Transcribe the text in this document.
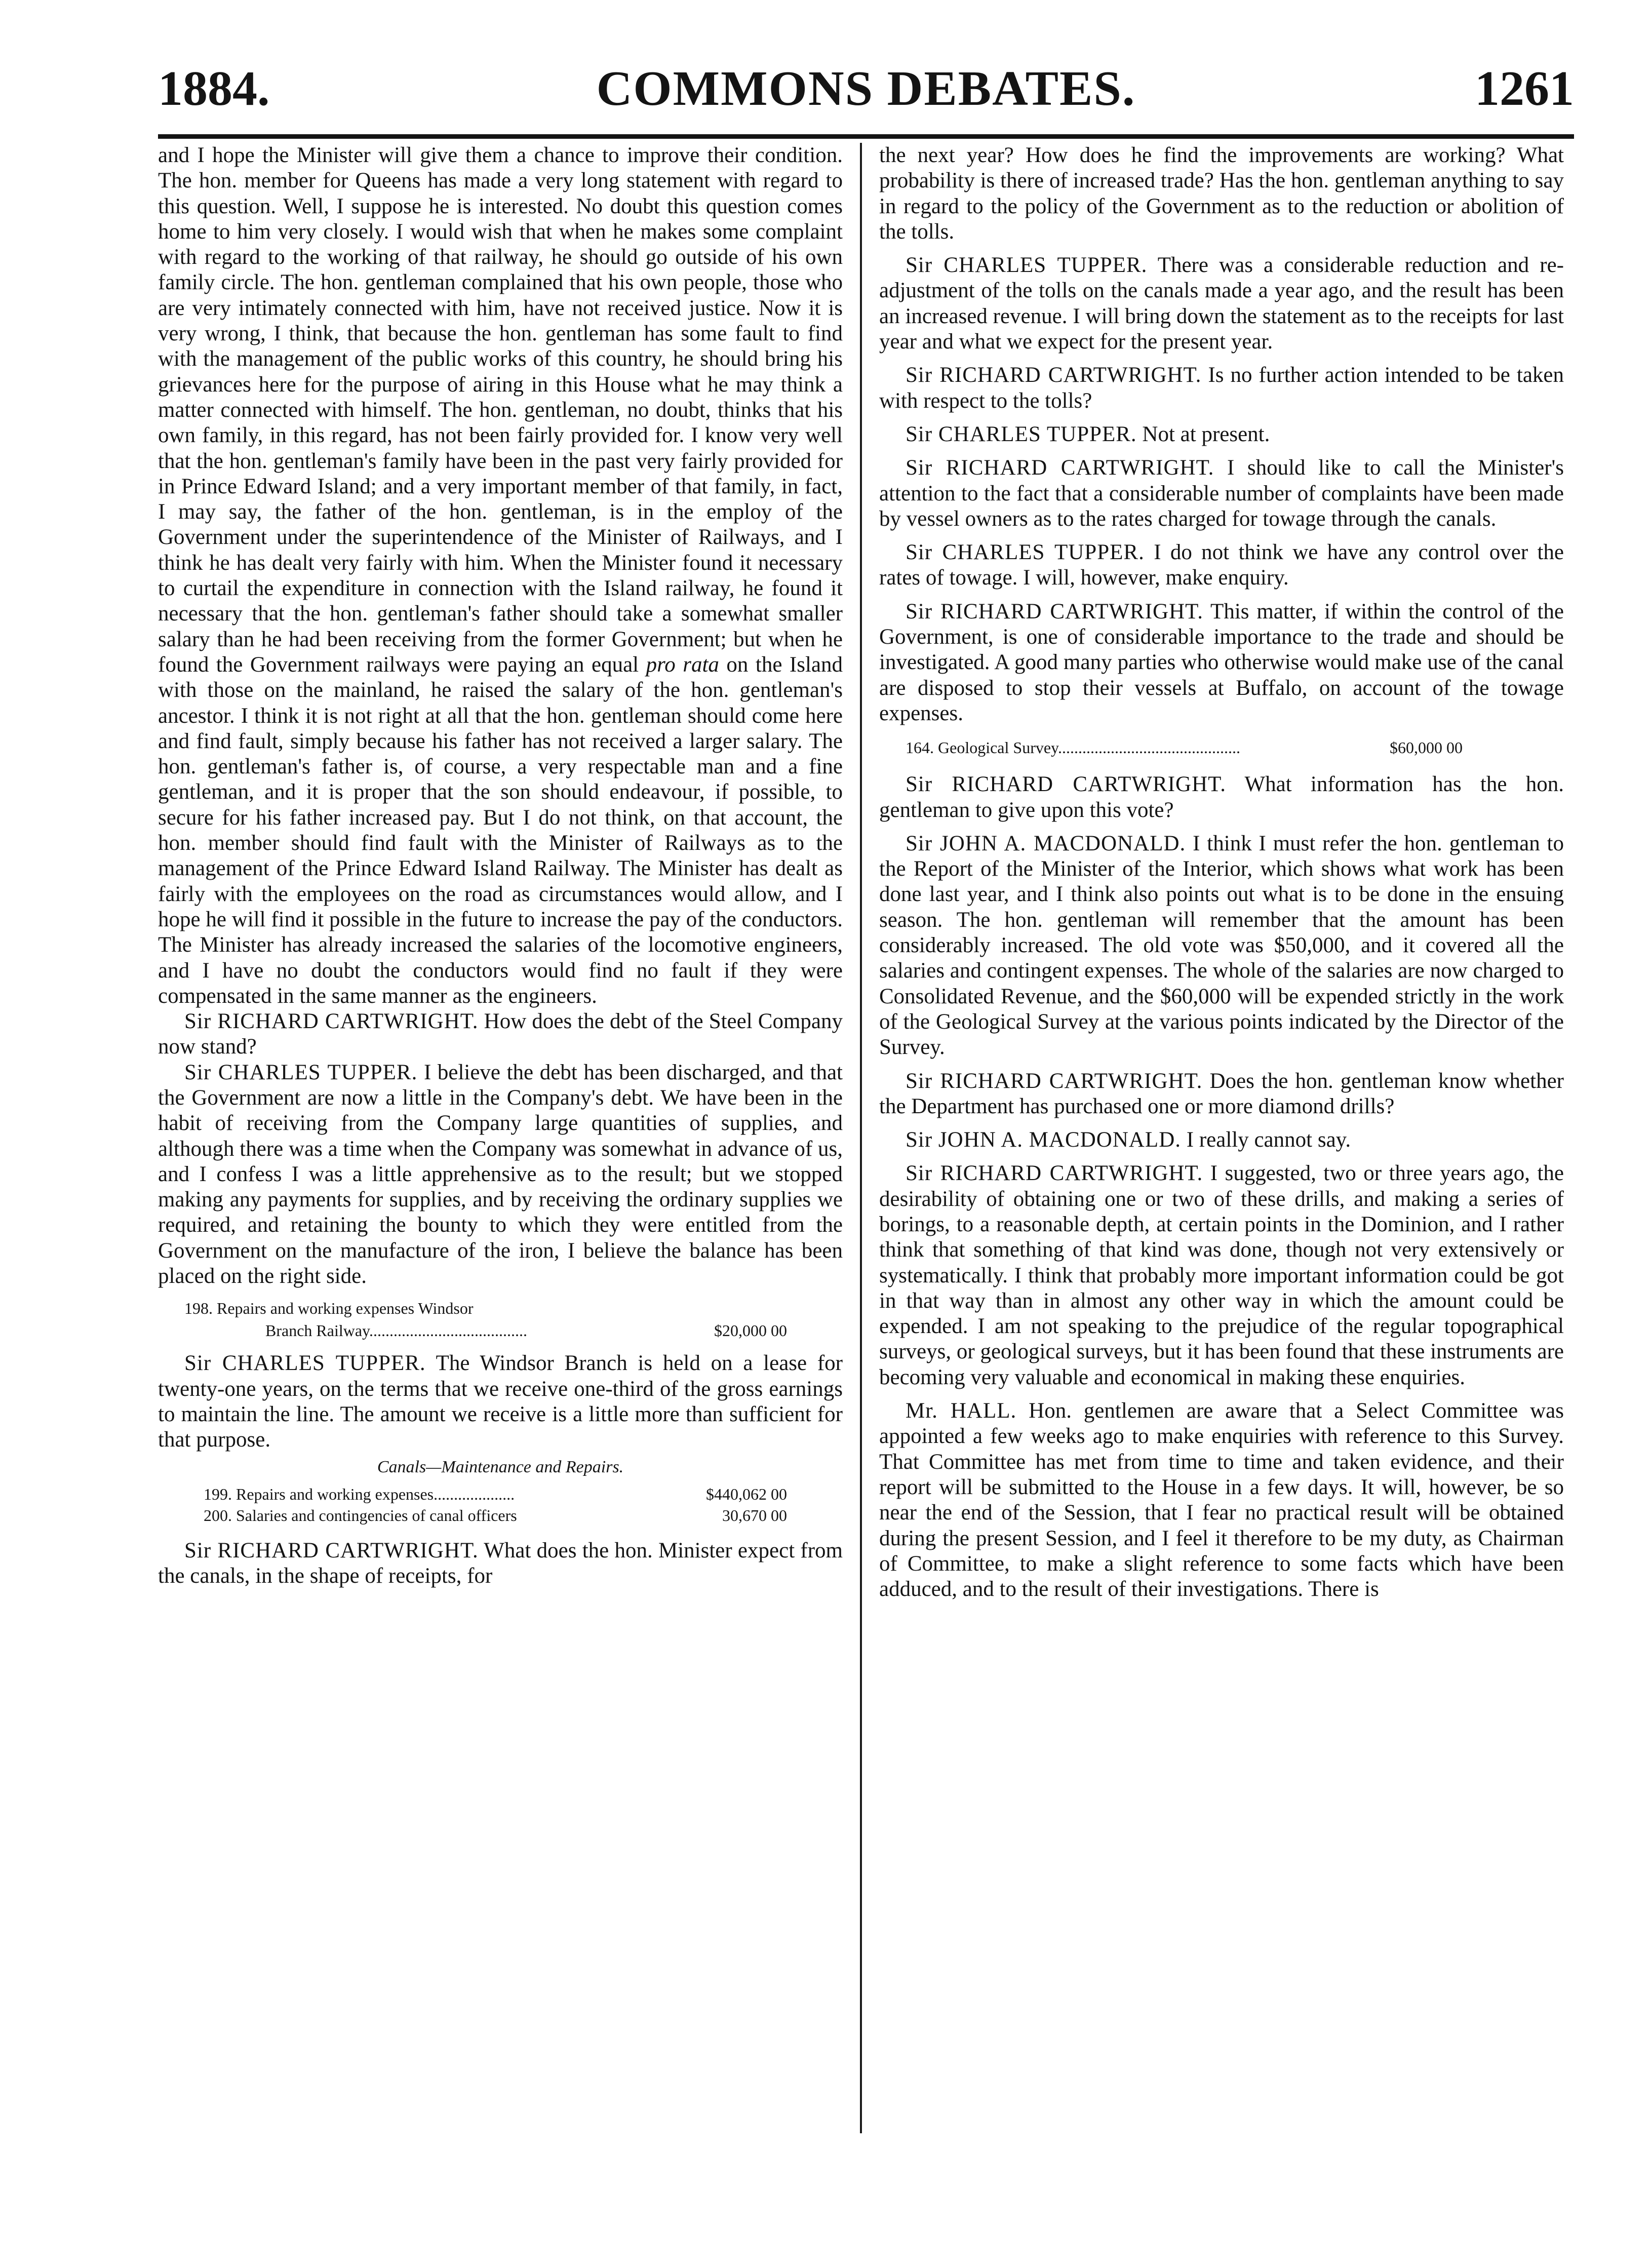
1884.	COMMONS DEBATES.	1261

and I hope the Minister will give them a chance to improve their condition. The hon. member for Queens has made a very long statement with regard to this question. Well, I suppose he is interested. No doubt this question comes home to him very closely. I would wish that when he makes some complaint with regard to the working of that railway, he should go outside of his own family circle. The hon. gentleman complained that his own people, those who are very intimately connected with him, have not received justice. Now it is very wrong, I think, that because the hon. gentleman has some fault to find with the management of the public works of this country, he should bring his grievances here for the purpose of airing in this House what he may think a matter connected with himself. The hon. gentleman, no doubt, thinks that his own family, in this regard, has not been fairly provided for. I know very well that the hon. gentleman's family have been in the past very fairly provided for in Prince Edward Island; and a very important member of that family, in fact, I may say, the father of the hon. gentleman, is in the employ of the Government under the superintendence of the Minister of Railways, and I think he has dealt very fairly with him. When the Minister found it necessary to curtail the expenditure in connection with the Island railway, he found it necessary that the hon. gentleman's father should take a somewhat smaller salary than he had been receiving from the former Government; but when he found the Government railways were paying an equal pro rata on the Island with those on the mainland, he raised the salary of the hon. gentleman's ancestor. I think it is not right at all that the hon. gentleman should come here and find fault, simply because his father has not received a larger salary. The hon. gentleman's father is, of course, a very respectable man and a fine gentleman, and it is proper that the son should endeavour, if possible, to secure for his father increased pay. But I do not think, on that account, the hon. member should find fault with the Minister of Railways as to the management of the Prince Edward Island Railway. The Minister has dealt as fairly with the employees on the road as circumstances would allow, and I hope he will find it possible in the future to increase the pay of the conductors. The Minister has already increased the salaries of the locomotive engineers, and I have no doubt the conductors would find no fault if they were compensated in the same manner as the engineers.

Sir RICHARD CARTWRIGHT. How does the debt of the Steel Company now stand?

Sir CHARLES TUPPER. I believe the debt has been discharged, and that the Government are now a little in the Company's debt. We have been in the habit of receiving from the Company large quantities of supplies, and although there was a time when the Company was somewhat in advance of us, and I confess I was a little apprehensive as to the result; but we stopped making any payments for supplies, and by receiving the ordinary supplies we required, and retaining the bounty to which they were entitled from the Government on the manufacture of the iron, I believe the balance has been placed on the right side.

198. Repairs and working expenses Windsor
$20,000 00
Branch Railway.......................................

Sir CHARLES TUPPER. The Windsor Branch is held on a lease for twenty-one years, on the terms that we receive one-third of the gross earnings to maintain the line. The amount we receive is a little more than sufficient for that purpose.

Canals—Maintenance and Repairs.
$440,062 00
199. Repairs and working expenses....................
30,670 00
200. Salaries and contingencies of canal officers

Sir RICHARD CARTWRIGHT. What does the hon. Minister expect from the canals, in the shape of receipts, for

the next year? How does he find the improvements are working? What probability is there of increased trade? Has the hon. gentleman anything to say in regard to the policy of the Government as to the reduction or abolition of the tolls.

Sir CHARLES TUPPER. There was a considerable reduction and re-adjustment of the tolls on the canals made a year ago, and the result has been an increased revenue. I will bring down the statement as to the receipts for last year and what we expect for the present year.

Sir RICHARD CARTWRIGHT. Is no further action intended to be taken with respect to the tolls?

Sir CHARLES TUPPER. Not at present.

Sir RICHARD CARTWRIGHT. I should like to call the Minister's attention to the fact that a considerable number of complaints have been made by vessel owners as to the rates charged for towage through the canals.

Sir CHARLES TUPPER. I do not think we have any control over the rates of towage. I will, however, make enquiry.

Sir RICHARD CARTWRIGHT. This matter, if within the control of the Government, is one of considerable importance to the trade and should be investigated. A good many parties who otherwise would make use of the canal are disposed to stop their vessels at Buffalo, on account of the towage expenses.

$60,000 00
164. Geological Survey.............................................

Sir RICHARD CARTWRIGHT. What information has the hon. gentleman to give upon this vote?

Sir JOHN A. MACDONALD. I think I must refer the hon. gentleman to the Report of the Minister of the Interior, which shows what work has been done last year, and I think also points out what is to be done in the ensuing season. The hon. gentleman will remember that the amount has been considerably increased. The old vote was $50,000, and it covered all the salaries and contingent expenses. The whole of the salaries are now charged to Consolidated Revenue, and the $60,000 will be expended strictly in the work of the Geological Survey at the various points indicated by the Director of the Survey.

Sir RICHARD CARTWRIGHT. Does the hon. gentleman know whether the Department has purchased one or more diamond drills?

Sir JOHN A. MACDONALD. I really cannot say.

Sir RICHARD CARTWRIGHT. I suggested, two or three years ago, the desirability of obtaining one or two of these drills, and making a series of borings, to a reasonable depth, at certain points in the Dominion, and I rather think that something of that kind was done, though not very extensively or systematically. I think that probably more important information could be got in that way than in almost any other way in which the amount could be expended. I am not speaking to the prejudice of the regular topographical surveys, or geological surveys, but it has been found that these instruments are becoming very valuable and economical in making these enquiries.

Mr. HALL. Hon. gentlemen are aware that a Select Committee was appointed a few weeks ago to make enquiries with reference to this Survey. That Committee has met from time to time and taken evidence, and their report will be submitted to the House in a few days. It will, however, be so near the end of the Session, that I fear no practical result will be obtained during the present Session, and I feel it therefore to be my duty, as Chairman of Committee, to make a slight reference to some facts which have been adduced, and to the result of their investigations. There is
